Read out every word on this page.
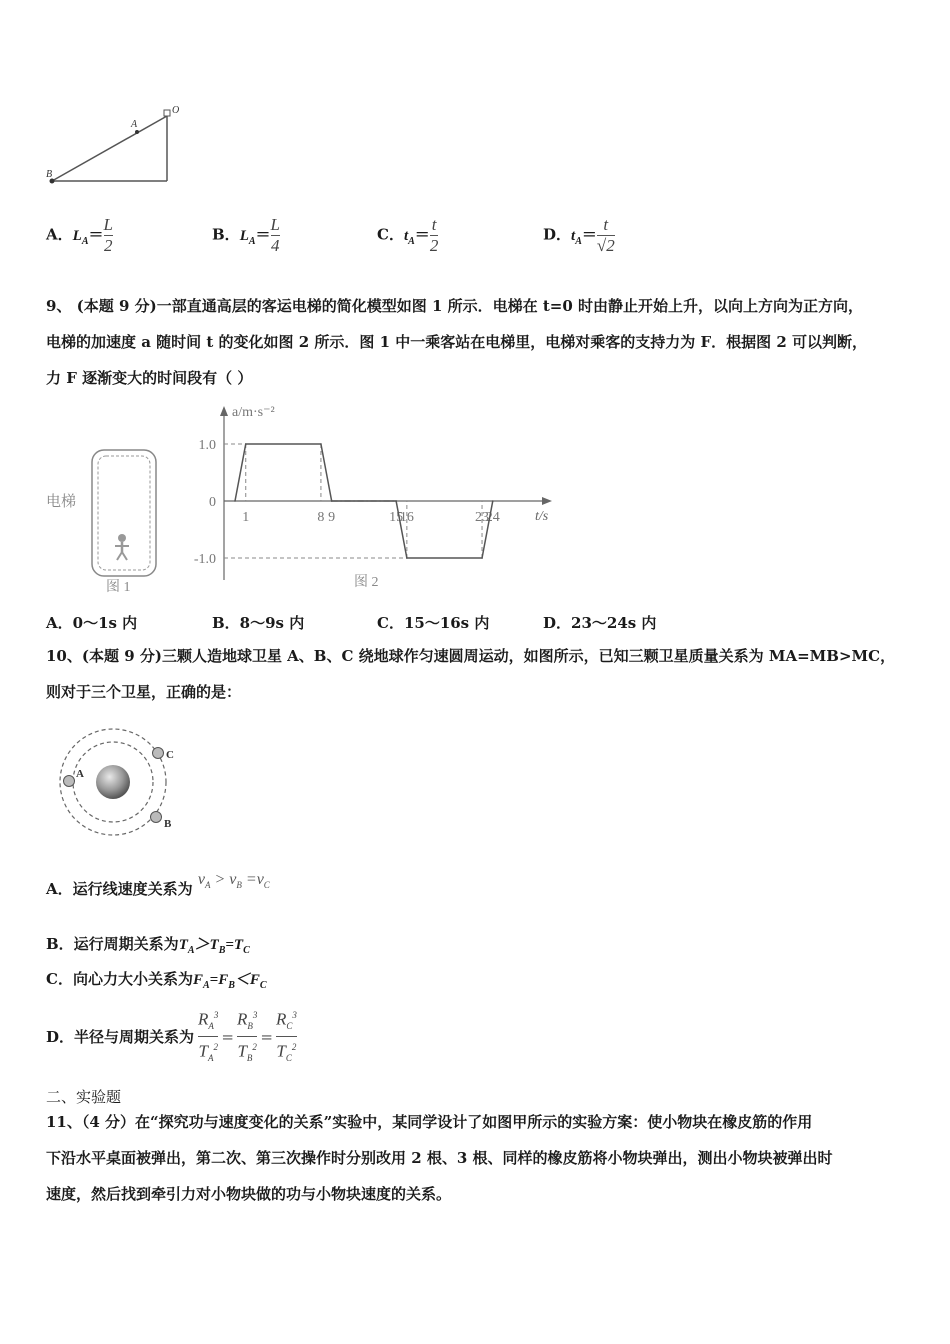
A
B
O
A．$L_A= \frac{L}{2}$	B．$L_A= \frac{L}{4}$	C．$t_A= \frac{t}{2}$	D．$t_A= \frac{t}{√2}$
9、 (本题 9 分)一部直通高层的客运电梯的简化模型如图 1 所示．电梯在 t=0 时由静止开始上升，以向上方向为正方向，
电梯的加速度 a 随时间 t 的变化如图 2 所示．图 1 中一乘客站在电梯里，电梯对乘客的支持力为 F．根据图 2 可以判断，
力 F 逐渐变大的时间段有（ ）
电梯
图 1
a/m·s⁻²
t/s
1.0
0
-1.0
1	8 9	15
16	23
24
图 2
A．0～1s 内	B．8～9s 内	C．15～16s 内	D．23～24s 内
10、(本题 9 分)三颗人造地球卫星 A、B、C 绕地球作匀速圆周运动，如图所示，已知三颗卫星质量关系为 MA=MB>MC，
则对于三个卫星，正确的是：
A
C
B
A．运行线速度关系为 $v_A > v_B =v_C$
B．运行周期关系为$T_A>T_B=T_C$
C．向心力大小关系为$F_A=F_B<F_C$
D．半径与周期关系为 $\frac{R_A^3}{T_A^2} = \frac{R_B^3}{T_B^2} = \frac{R_C^3}{T_C^2}$
二、实验题
11、（4 分）在“探究功与速度变化的关系”实验中，某同学设计了如图甲所示的实验方案：使小物块在橡皮筋的作用
下沿水平桌面被弹出，第二次、第三次操作时分别改用 2 根、3 根、同样的橡皮筋将小物块弹出，测出小物块被弹出时
速度，然后找到牵引力对小物块做的功与小物块速度的关系。
